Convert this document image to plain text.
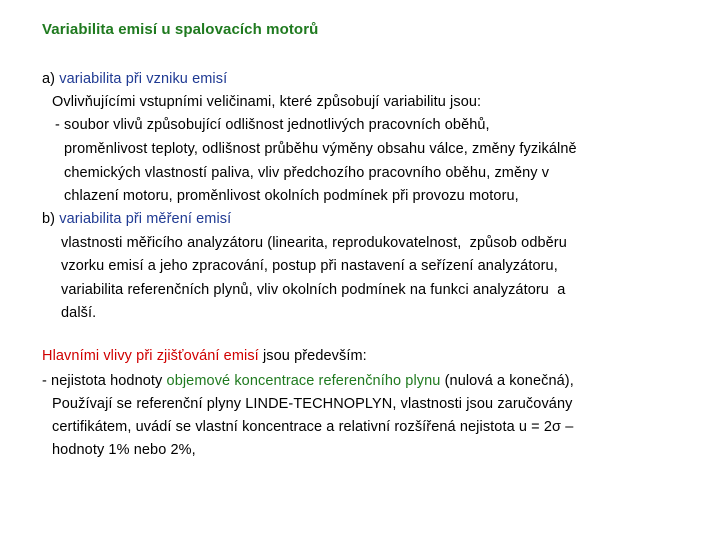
Variabilita emisí u spalovacích motorů
a) variabilita při vzniku emisí
Ovlivňujícími vstupními veličinami, které způsobují variabilitu jsou:
- soubor vlivů způsobující odlišnost jednotlivých pracovních oběhů,
proměnlivost teploty, odlišnost průběhu výměny obsahu válce, změny fyzikálně
chemických vlastností paliva, vliv předchozího pracovního oběhu, změny v
chlazení motoru, proměnlivost okolních podmínek při provozu motoru,
b) variabilita při měření emisí
vlastnosti měřicího analyzátoru (linearita, reprodukovatelnost,  způsob odběru
vzorku emisí a jeho zpracování, postup při nastavení a seřízení analyzátoru,
variabilita referenčních plynů, vliv okolních podmínek na funkci analyzátoru  a
další.
Hlavními vlivy při zjišťování emisí jsou především:
- nejistota hodnoty objemové koncentrace referenčního plynu (nulová a konečná),
Používají se referenční plyny LINDE-TECHNOPLYN, vlastnosti jsou zaručovány
certifikátem, uvádí se vlastní koncentrace a relativní rozšířená nejistota u = 2σ –
hodnoty 1% nebo 2%,
